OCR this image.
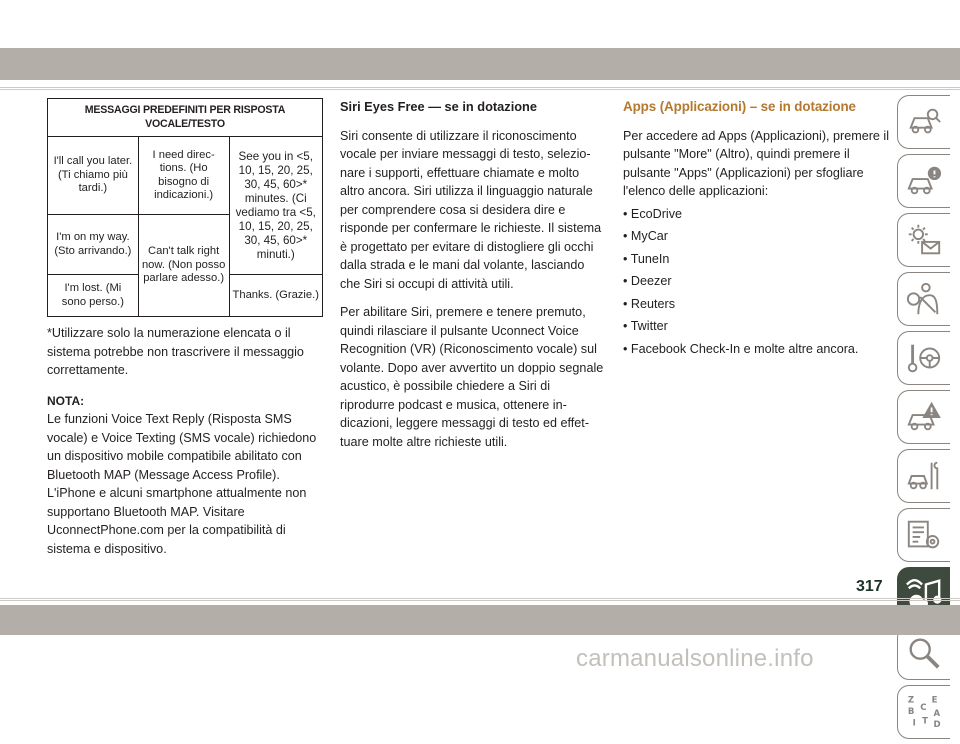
MESSAGGI PREDEFINITI PER RISPOSTA VOCALE/TESTO		
I'll call you later. (Ti chiamo più tardi.)	I need directions. (Ho bisogno di indicazioni.)	See you in <5, 10, 15, 20, 25, 30, 45, 60>* minutes. (Ci vediamo tra <5, 10, 15, 20, 25, 30, 45, 60>* minuti.)
I'm on my way. (Sto arrivando.)	Can't talk right now. (Non posso parlare adesso.)	
I'm lost. (Mi sono perso.)		Thanks. (Grazie.)

*Utilizzare solo la numerazione elencata o il sistema potrebbe non trascrivere il messaggio correttamente.

NOTA:

Le funzioni Voice Text Reply (Risposta SMS vocale) e Voice Texting (SMS vocale) richiedono un dispositivo mobile compatibile abilitato con Bluetooth MAP (Message Access Profile). L'iPhone e alcuni smartphone attualmente non supportano Bluetooth MAP. Visitare UconnectPhone.com per la compatibilità di sistema e dispositivo.

Siri Eyes Free — se in dotazione

Siri consente di utilizzare il riconoscimento vocale per inviare messaggi di testo, selezionare i supporti, effettuare chiamate e molto altro ancora. Siri utilizza il linguaggio naturale per comprendere cosa si desidera dire e risponde per confermare le richieste. Il sistema è progettato per evitare di distogliere gli occhi dalla strada e le mani dal volante, lasciando che Siri si occupi di attività utili.

Per abilitare Siri, premere e tenere premuto, quindi rilasciare il pulsante Uconnect Voice Recognition (VR) (Riconoscimento vocale) sul volante. Dopo aver avvertito un doppio segnale acustico, è possibile chiedere a Siri di riprodurre podcast e musica, ottenere indicazioni, leggere messaggi di testo ed effettuare molte altre richieste utili.

Apps (Applicazioni) – se in dotazione

Per accedere ad Apps (Applicazioni), premere il pulsante "More" (Altro), quindi premere il pulsante "Apps" (Applicazioni) per sfogliare l'elenco delle applicazioni:

• EcoDrive
• MyCar
• TuneIn
• Deezer
• Reuters
• Twitter
• Facebook Check-In e molte altre ancora.
Z E
B C
A
I T D
317
carmanualsonline.info
